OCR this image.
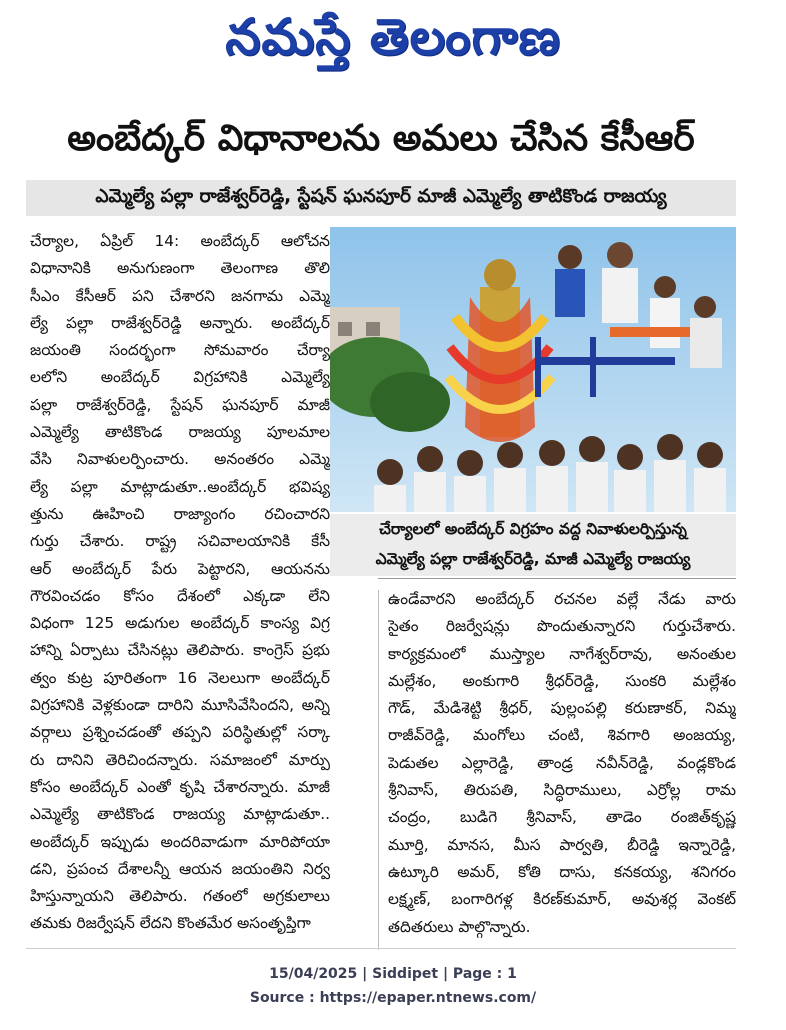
నమస్తే తెలంగాణ
అంబేద్కర్ విధానాలను అమలు చేసిన కేసీఆర్
ఎమ్మెల్యే పల్లా రాజేశ్వర్‌రెడ్డి, స్టేషన్ ఘనపూర్ మాజీ ఎమ్మెల్యే తాటికొండ రాజయ్య
చేర్యాల, ఏప్రిల్ 14: అంబేద్కర్ ఆలోచన
విధానానికి అనుగుణంగా తెలంగాణ తొలి
సీఎం కేసీఆర్ పని చేశారని జనగామ ఎమ్మె
ల్యే పల్లా రాజేశ్వర్‌రెడ్డి అన్నారు. అంబేద్కర్
జయంతి సందర్భంగా సోమవారం చేర్యా
లలోని అంబేద్కర్ విగ్రహానికి ఎమ్మెల్యే
పల్లా రాజేశ్వర్‌రెడ్డి, స్టేషన్ ఘనపూర్ మాజీ
ఎమ్మెల్యే తాటికొండ రాజయ్య పూలమాల
వేసి నివాళులర్పించారు. అనంతరం ఎమ్మె
ల్యే పల్లా మాట్లాడుతూ..అంబేద్కర్ భవిష్య
త్తును ఊహించి రాజ్యాంగం రచించారని
గుర్తు చేశారు. రాష్ట్ర సచివాలయానికి కేసీ
ఆర్ అంబేద్కర్ పేరు పెట్టారని, ఆయనను
గౌరవించడం కోసం దేశంలో ఎక్కడా లేని
విధంగా 125 అడుగుల అంబేద్కర్ కాంస్య విగ్ర
హాన్ని ఏర్పాటు చేసినట్లు తెలిపారు. కాంగ్రెస్ ప్రభు
త్వం కుట్ర పూరితంగా 16 నెలలుగా అంబేద్కర్
విగ్రహానికి వెళ్లకుండా దారిని మూసివేసిందని, అన్ని
వర్గాలు ప్రశ్నించడంతో తప్పని పరిస్థితుల్లో సర్కా
రు దానిని తెరిచిందన్నారు. సమాజంలో మార్పు
కోసం అంబేద్కర్ ఎంతో కృషి చేశారన్నారు. మాజీ
ఎమ్మెల్యే తాటికొండ రాజయ్య మాట్లాడుతూ..
అంబేద్కర్ ఇప్పుడు అందరివాడుగా మారిపోయా
డని, ప్రపంచ దేశాలన్నీ ఆయన జయంతిని నిర్వ
హిస్తున్నాయని తెలిపారు. గతంలో అగ్రకులాలు
తమకు రిజర్వేషన్ లేదని కొంతమేర అసంతృప్తిగా
చేర్యాలలో అంబేద్కర్ విగ్రహం వద్ద నివాళులర్పిస్తున్న
ఎమ్మెల్యే పల్లా రాజేశ్వర్‌రెడ్డి, మాజీ ఎమ్మెల్యే రాజయ్య
ఉండేవారని అంబేద్కర్ రచనల వల్లే నేడు వారు
సైతం రిజర్వేషన్లు పొందుతున్నారని గుర్తుచేశారు.
కార్యక్రమంలో ముస్త్యాల నాగేశ్వర్‌రావు, అనంతుల
మల్లేశం, అంకుగారి శ్రీధర్‌రెడ్డి, సుంకరి మల్లేశం
గౌడ్, మేడిశెట్టి శ్రీధర్, పుల్లంపల్లి కరుణాకర్, నిమ్మ
రాజీవ్‌రెడ్డి, మంగోలు చంటి, శివగారి అంజయ్య,
పెడుతల ఎల్లారెడ్డి, తాండ్ర నవీన్‌రెడ్డి, వండ్లకొండ
శ్రీనివాస్, తిరుపతి, సిద్ధిరాములు, ఎర్రోల్ల రామ
చంద్రం, బుడిగె శ్రీనివాస్, తాడెం రంజిత్‌కృష్ణ
మూర్తి, మానస, మీస పార్వతి, బీరెడ్డి ఇన్నారెడ్డి,
ఉట్కూరి అమర్, కోతి దాసు, కనకయ్య, శనిగరం
లక్ష్మణ్, బంగారిగళ్ల కిరణ్‌కుమార్, అవుశర్ల వెంకట్
తదితరులు పాల్గొన్నారు.
15/04/2025 | Siddipet | Page : 1
Source : https://epaper.ntnews.com/
